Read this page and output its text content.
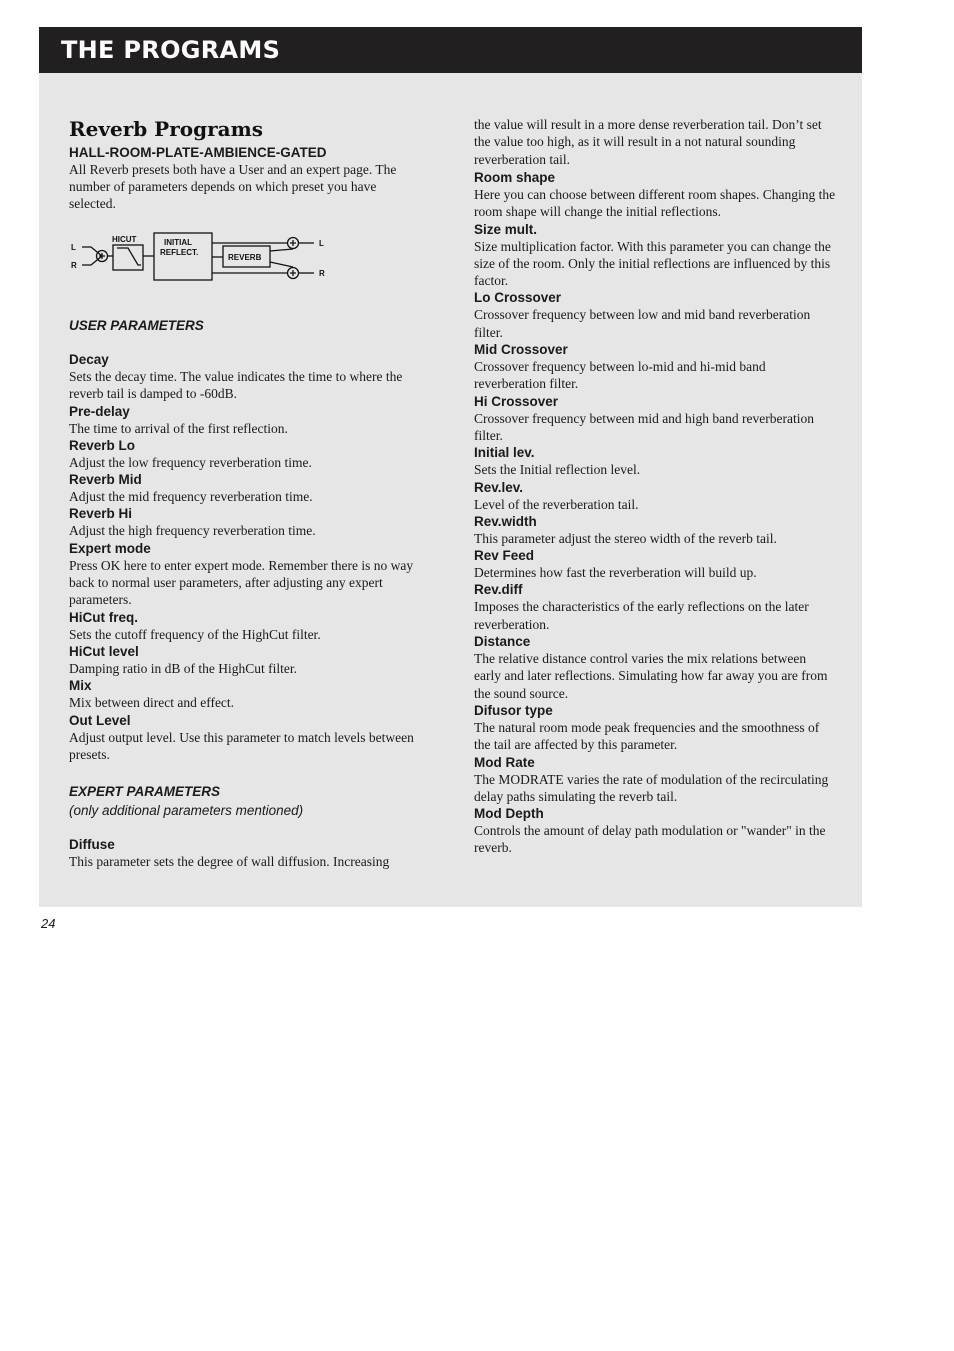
THE PROGRAMS
Reverb Programs

HALL-ROOM-PLATE-AMBIENCE-GATED

All Reverb presets both have a User and an expert page. The number of parameters depends on which preset you have selected.

L
R
HICUT	INITIAL
REFLECT.
REVERB
L
R

USER PARAMETERS

Decay
Sets the decay time. The value indicates the time to where the reverb tail is damped to -60dB.
Pre-delay
The time to arrival of the first reflection.
Reverb Lo
Adjust the low frequency reverberation time.
Reverb Mid
Adjust the mid frequency reverberation time.
Reverb Hi
Adjust the high frequency reverberation time.
Expert mode
Press OK here to enter expert mode. Remember there is no way back to normal user parameters, after adjusting any expert parameters.
HiCut freq.
Sets the cutoff frequency of the HighCut filter.
HiCut level
Damping ratio in dB of the HighCut filter.
Mix
Mix between direct and effect.
Out Level
Adjust output level. Use this parameter to match levels between presets.

EXPERT PARAMETERS

(only additional parameters mentioned)

Diffuse
This parameter sets the degree of wall diffusion. Increasing

the value will result in a more dense reverberation tail. Don’t set the value too high, as it will result in a not natural sounding reverberation tail.

Room shape
Here you can choose between different room shapes. Changing the room shape will change the initial reflections.
Size mult.
Size multiplication factor. With this parameter you can change the size of the room. Only the initial reflections are influenced by this factor.
Lo Crossover
Crossover frequency between low and mid band reverberation filter.
Mid Crossover
Crossover frequency between lo-mid and hi-mid band reverberation filter.
Hi Crossover
Crossover frequency between mid and high band reverberation filter.
Initial lev.
Sets the Initial reflection level.
Rev.lev.
Level of the reverberation tail.
Rev.width
This parameter adjust the stereo width of the reverb tail.
Rev Feed
Determines how fast the reverberation will build up.
Rev.diff
Imposes the characteristics of the early reflections on the later reverberation.
Distance
The relative distance control varies the mix relations between early and later reflections. Simulating how far away you are from the sound source.
Difusor type
The natural room mode peak frequencies and the smoothness of the tail are affected by this parameter.
Mod Rate
The MODRATE varies the rate of modulation of the recirculating delay paths simulating the reverb tail.
Mod Depth
Controls the amount of delay path modulation or "wander" in the reverb.

24
